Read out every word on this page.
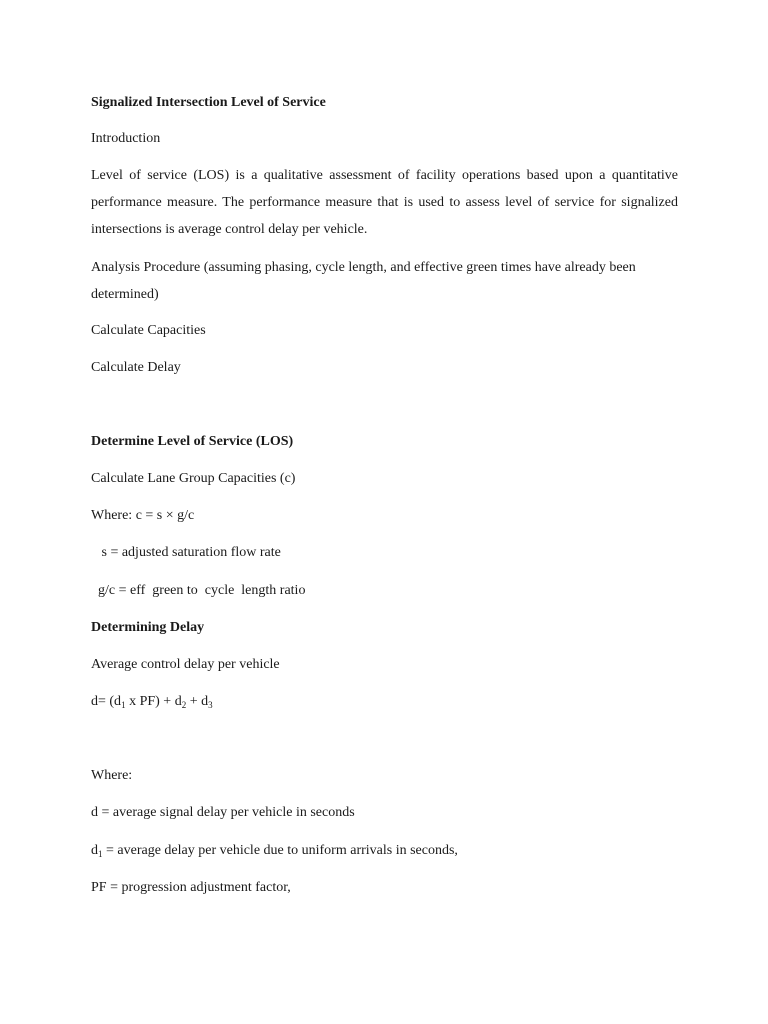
Signalized Intersection Level of Service
Introduction
Level of service (LOS) is a qualitative assessment of facility operations based upon a quantitative performance measure. The performance measure that is used to assess level of service for signalized intersections is average control delay per vehicle.
Analysis Procedure (assuming phasing, cycle length, and effective green times have already been determined)
Calculate Capacities
Calculate Delay
Determine Level of Service (LOS)
Calculate Lane Group Capacities (c)
Where: c = s × g/c
s = adjusted saturation flow rate
g/c = eff  green to  cycle  length ratio
Determining Delay
Average control delay per vehicle
$d= (d_1$ x $PF) + d_2 + d_3$
Where:
d = average signal delay per vehicle in seconds
$d_1$ = average delay per vehicle due to uniform arrivals in seconds,
PF = progression adjustment factor,
